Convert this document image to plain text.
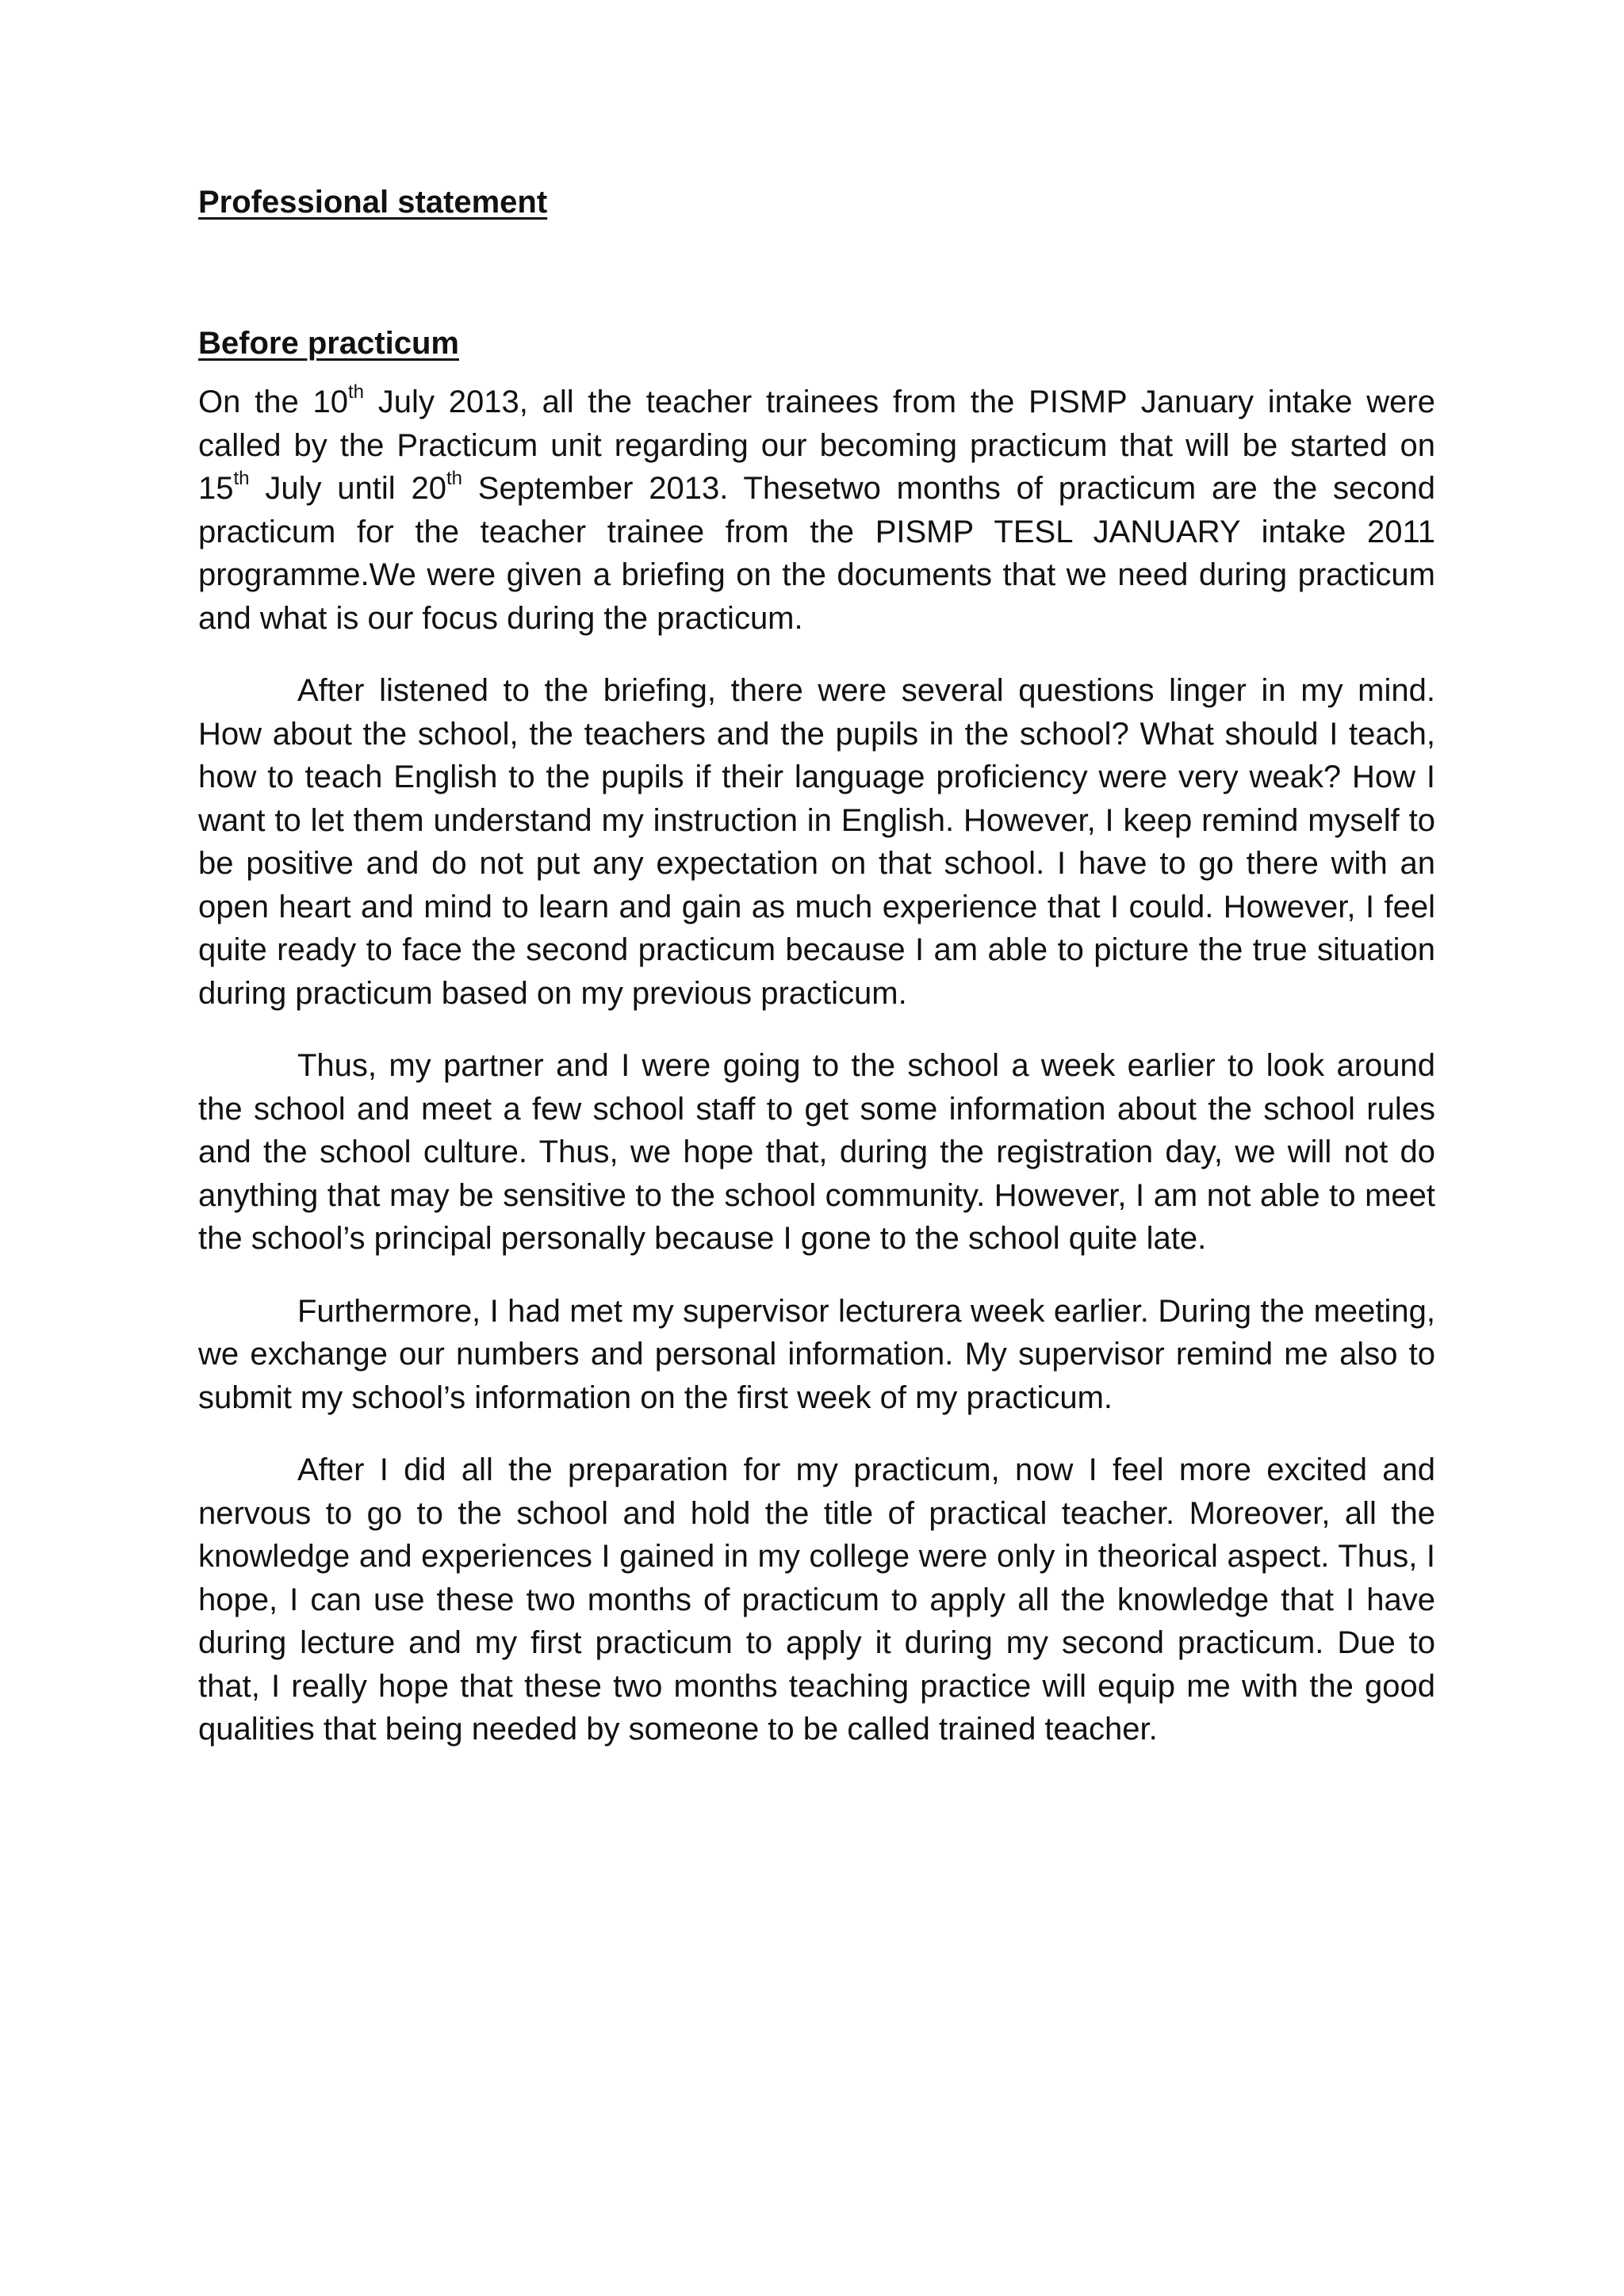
Professional statement
Before practicum

On the 10th July 2013, all the teacher trainees from the PISMP January intake were called by the Practicum unit regarding our becoming practicum that will be started on 15th July until 20th September 2013. Thesetwo months of practicum are the second practicum for the teacher trainee from the PISMP TESL JANUARY intake 2011 programme.We were given a briefing on the documents that we need during practicum and what is our focus during the practicum.

After listened to the briefing, there were several questions linger in my mind. How about the school, the teachers and the pupils in the school? What should I teach, how to teach English to the pupils if their language proficiency were very weak? How I want to let them understand my instruction in English. However, I keep remind myself to be positive and do not put any expectation on that school. I have to go there with an open heart and mind to learn and gain as much experience that I could. However, I feel quite ready to face the second practicum because I am able to picture the true situation during practicum based on my previous practicum.

Thus, my partner and I were going to the school a week earlier to look around the school and meet a few school staff to get some information about the school rules and the school culture. Thus, we hope that, during the registration day, we will not do anything that may be sensitive to the school community. However, I am not able to meet the school’s principal personally because I gone to the school quite late.

Furthermore, I had met my supervisor lecturera week earlier. During the meeting, we exchange our numbers and personal information. My supervisor remind me also to submit my school’s information on the first week of my practicum.

After I did all the preparation for my practicum, now I feel more excited and nervous to go to the school and hold the title of practical teacher. Moreover, all the knowledge and experiences I gained in my college were only in theorical aspect. Thus, I hope, I can use these two months of practicum to apply all the knowledge that I have during lecture and my first practicum to apply it during my second practicum. Due to that, I really hope that these two months teaching practice will equip me with the good qualities that being needed by someone to be called trained teacher.
